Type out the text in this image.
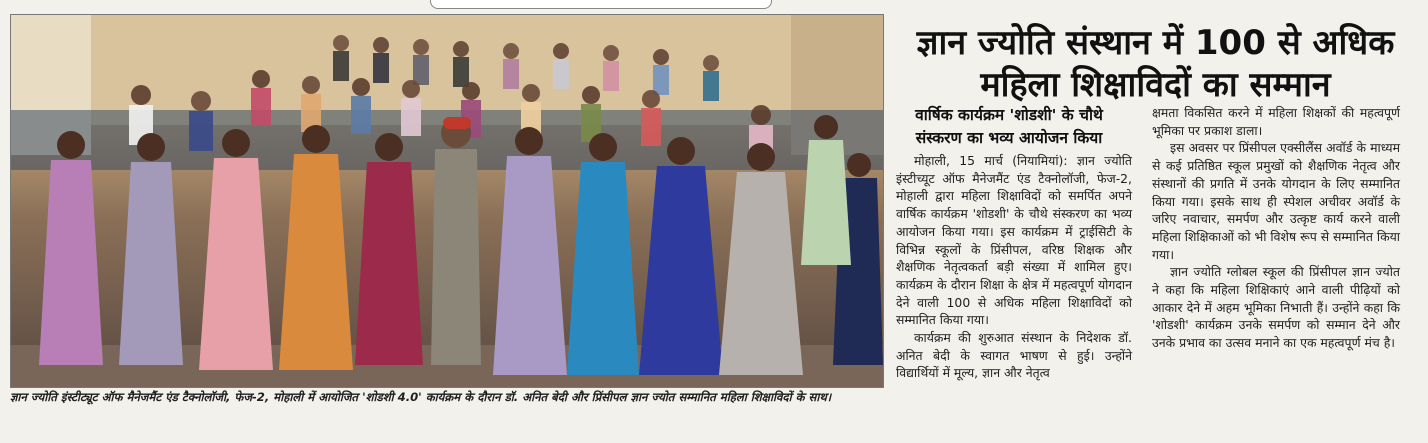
ज्ञान ज्योति इंस्टीट्यूट ऑफ मैनेजमैंट एंड टैक्नोलॉजी, फेज-2, मोहाली में आयोजित 'शोडशी 4.0' कार्यक्रम के दौरान डॉ. अनित बेदी और प्रिंसीपल ज्ञान ज्योत सम्मानित महिला शिक्षाविदों के साथ।
ज्ञान ज्योति संस्थान में 100 से अधिक
महिला शिक्षाविदों का सम्मान
वार्षिक कार्यक्रम 'शोडशी' के चौथे
संस्करण का भव्य आयोजन किया

मोहाली, 15 मार्च (नियामियां): ज्ञान ज्योति इंस्टीच्यूट ऑफ मैनेजमैंट एंड टैक्नोलॉजी, फेज-2, मोहाली द्वारा महिला शिक्षाविदों को समर्पित अपने वार्षिक कार्यक्रम 'शोडशी' के चौथे संस्करण का भव्य आयोजन किया गया। इस कार्यक्रम में ट्राईसिटी के विभिन्न स्कूलों के प्रिंसीपल, वरिष्ठ शिक्षक और शैक्षणिक नेतृत्वकर्ता बड़ी संख्या में शामिल हुए। कार्यक्रम के दौरान शिक्षा के क्षेत्र में महत्वपूर्ण योगदान देने वाली 100 से अधिक महिला शिक्षाविदों को सम्मानित किया गया।

कार्यक्रम की शुरुआत संस्थान के निदेशक डॉ. अनित बेदी के स्वागत भाषण से हुई। उन्होंने विद्यार्थियों में मूल्य, ज्ञान और नेतृत्व

क्षमता विकसित करने में महिला शिक्षकों की महत्वपूर्ण भूमिका पर प्रकाश डाला।

इस अवसर पर प्रिंसीपल एक्सीलैंस अवॉर्ड के माध्यम से कई प्रतिष्ठित स्कूल प्रमुखों को शैक्षणिक नेतृत्व और संस्थानों की प्रगति में उनके योगदान के लिए सम्मानित किया गया। इसके साथ ही स्पेशल अचीवर अवॉर्ड के जरिए नवाचार, समर्पण और उत्कृष्ट कार्य करने वाली महिला शिक्षिकाओं को भी विशेष रूप से सम्मानित किया गया।

ज्ञान ज्योति ग्लोबल स्कूल की प्रिंसीपल ज्ञान ज्योत ने कहा कि महिला शिक्षिकाएं आने वाली पीढ़ियों को आकार देने में अहम भूमिका निभाती हैं। उन्होंने कहा कि 'शोडशी' कार्यक्रम उनके समर्पण को सम्मान देने और उनके प्रभाव का उत्सव मनाने का एक महत्वपूर्ण मंच है।
